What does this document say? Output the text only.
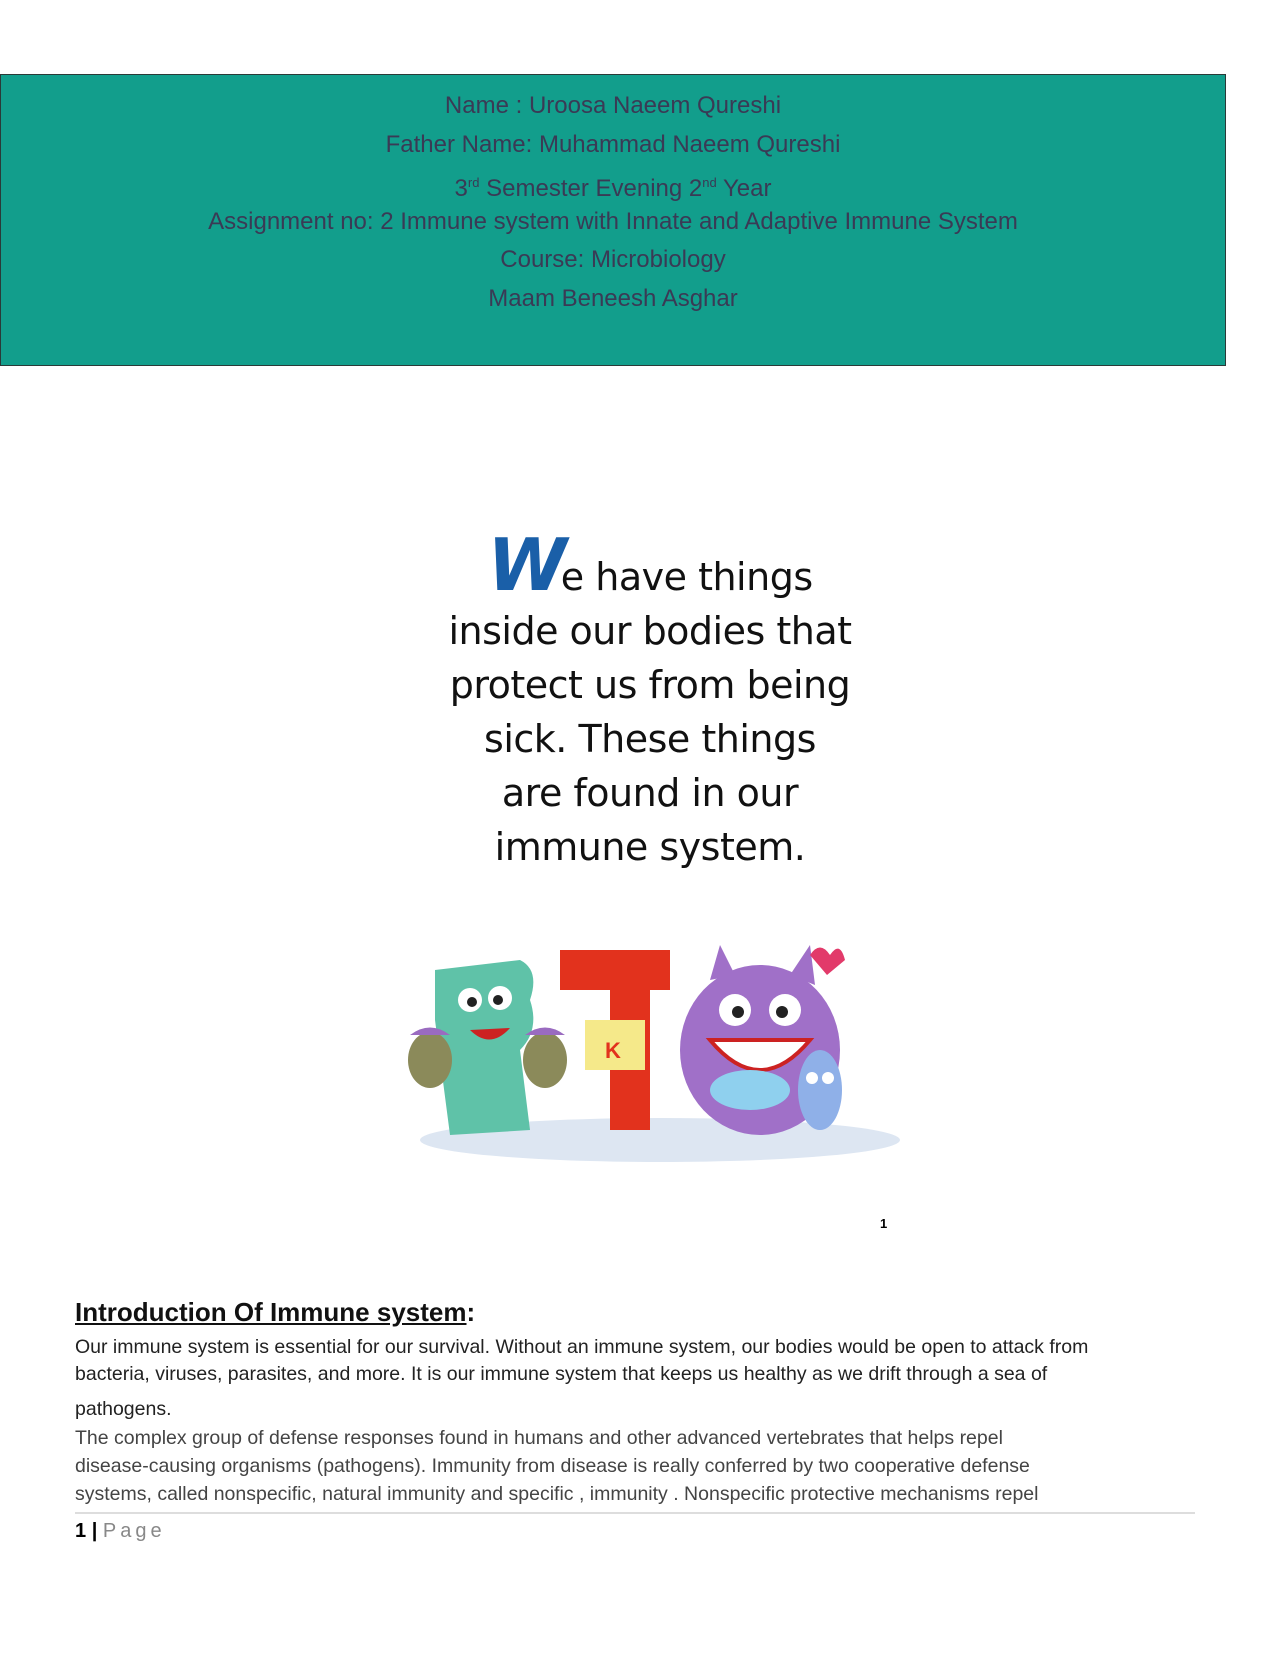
Name : Uroosa Naeem Qureshi
Father Name: Muhammad Naeem Qureshi
3rd Semester Evening 2nd Year
Assignment no: 2 Immune system with Innate and Adaptive Immune System
Course: Microbiology
Maam Beneesh Asghar
We have things
inside our bodies that
protect us from being
sick. These things
are found in our
immune system.
K
1
Introduction Of Immune system:
Our immune system is essential for our survival. Without an immune system, our bodies would be open to attack from
bacteria, viruses, parasites, and more. It is our immune system that keeps us healthy as we drift through a sea of
pathogens.
The complex group of defense responses found in humans and other advanced vertebrates that helps repel
disease-causing organisms (pathogens). Immunity from disease is really conferred by two cooperative defense
systems, called nonspecific, natural immunity and specific , immunity . Nonspecific protective mechanisms repel
1 | Page
